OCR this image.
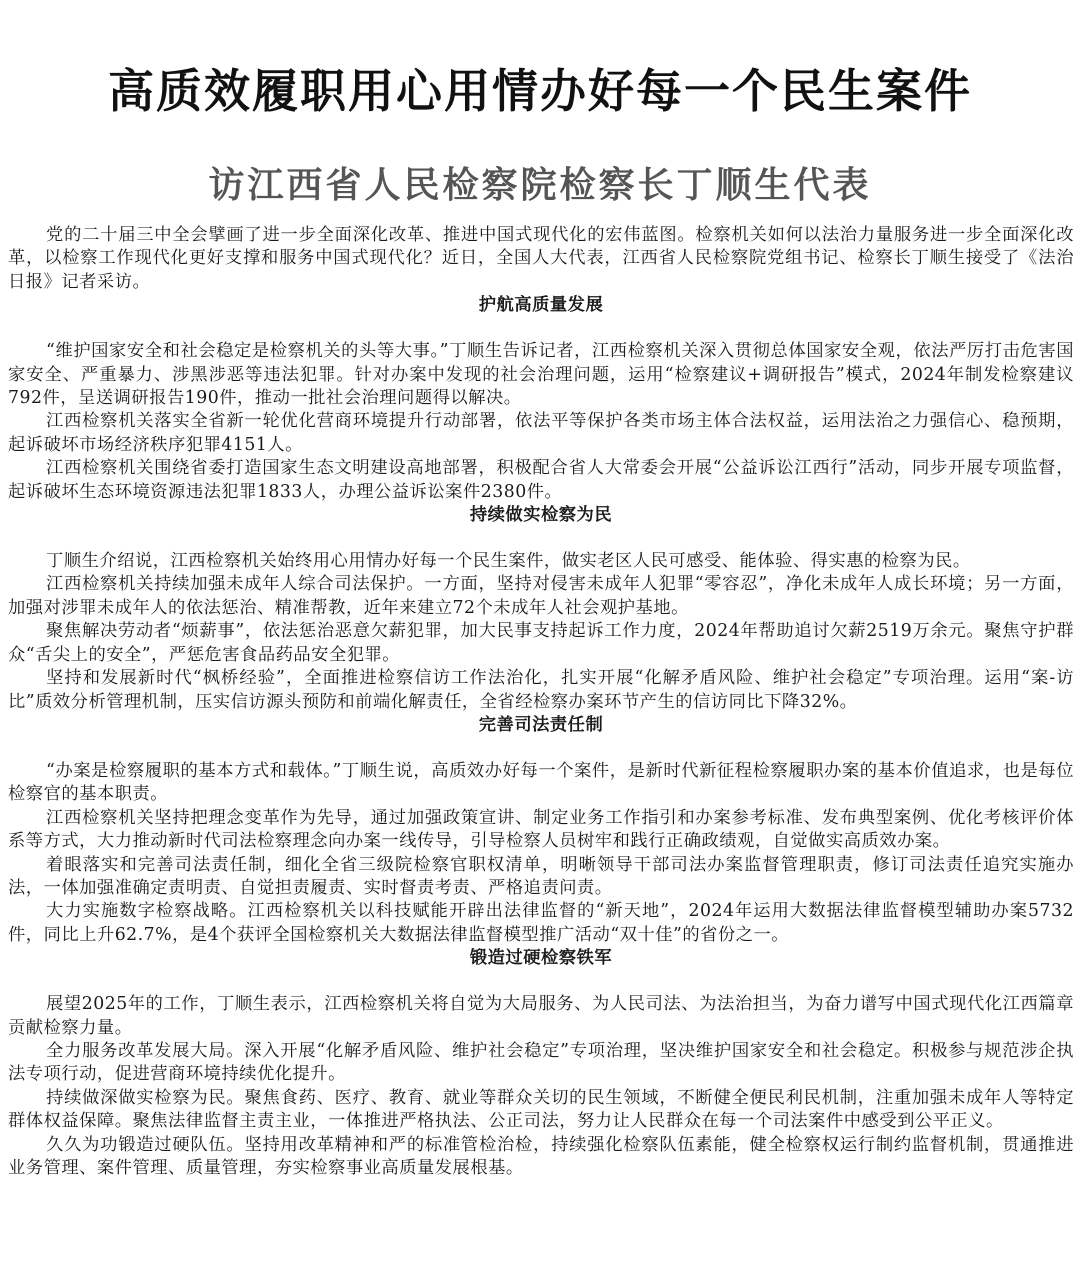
高质效履职用心用情办好每一个民生案件
访江西省人民检察院检察长丁顺生代表

党的二十届三中全会擘画了进一步全面深化改革、推进中国式现代化的宏伟蓝图。检察机关如何以法治力量服务进一步全面深化改革，以检察工作现代化更好支撑和服务中国式现代化？近日，全国人大代表，江西省人民检察院党组书记、检察长丁顺生接受了《法治日报》记者采访。

护航高质量发展

“维护国家安全和社会稳定是检察机关的头等大事。”丁顺生告诉记者，江西检察机关深入贯彻总体国家安全观，依法严厉打击危害国家安全、严重暴力、涉黑涉恶等违法犯罪。针对办案中发现的社会治理问题，运用“检察建议+调研报告”模式，2024年制发检察建议792件，呈送调研报告190件，推动一批社会治理问题得以解决。

江西检察机关落实全省新一轮优化营商环境提升行动部署，依法平等保护各类市场主体合法权益，运用法治之力强信心、稳预期，起诉破坏市场经济秩序犯罪4151人。

江西检察机关围绕省委打造国家生态文明建设高地部署，积极配合省人大常委会开展“公益诉讼江西行”活动，同步开展专项监督，起诉破坏生态环境资源违法犯罪1833人，办理公益诉讼案件2380件。

持续做实检察为民

丁顺生介绍说，江西检察机关始终用心用情办好每一个民生案件，做实老区人民可感受、能体验、得实惠的检察为民。

江西检察机关持续加强未成年人综合司法保护。一方面，坚持对侵害未成年人犯罪“零容忍”，净化未成年人成长环境；另一方面，加强对涉罪未成年人的依法惩治、精准帮教，近年来建立72个未成年人社会观护基地。

聚焦解决劳动者“烦薪事”，依法惩治恶意欠薪犯罪，加大民事支持起诉工作力度，2024年帮助追讨欠薪2519万余元。聚焦守护群众“舌尖上的安全”，严惩危害食品药品安全犯罪。

坚持和发展新时代“枫桥经验”，全面推进检察信访工作法治化，扎实开展“化解矛盾风险、维护社会稳定”专项治理。运用“案-访比”质效分析管理机制，压实信访源头预防和前端化解责任，全省经检察办案环节产生的信访同比下降32%。

完善司法责任制

“办案是检察履职的基本方式和载体。”丁顺生说，高质效办好每一个案件，是新时代新征程检察履职办案的基本价值追求，也是每位检察官的基本职责。

江西检察机关坚持把理念变革作为先导，通过加强政策宣讲、制定业务工作指引和办案参考标准、发布典型案例、优化考核评价体系等方式，大力推动新时代司法检察理念向办案一线传导，引导检察人员树牢和践行正确政绩观，自觉做实高质效办案。

着眼落实和完善司法责任制，细化全省三级院检察官职权清单，明晰领导干部司法办案监督管理职责，修订司法责任追究实施办法，一体加强准确定责明责、自觉担责履责、实时督责考责、严格追责问责。

大力实施数字检察战略。江西检察机关以科技赋能开辟出法律监督的“新天地”，2024年运用大数据法律监督模型辅助办案5732件，同比上升62.7%，是4个获评全国检察机关大数据法律监督模型推广活动“双十佳”的省份之一。

锻造过硬检察铁军

展望2025年的工作，丁顺生表示，江西检察机关将自觉为大局服务、为人民司法、为法治担当，为奋力谱写中国式现代化江西篇章贡献检察力量。

全力服务改革发展大局。深入开展“化解矛盾风险、维护社会稳定”专项治理，坚决维护国家安全和社会稳定。积极参与规范涉企执法专项行动，促进营商环境持续优化提升。

持续做深做实检察为民。聚焦食药、医疗、教育、就业等群众关切的民生领域，不断健全便民利民机制，注重加强未成年人等特定群体权益保障。聚焦法律监督主责主业，一体推进严格执法、公正司法，努力让人民群众在每一个司法案件中感受到公平正义。

久久为功锻造过硬队伍。坚持用改革精神和严的标准管检治检，持续强化检察队伍素能，健全检察权运行制约监督机制，贯通推进业务管理、案件管理、质量管理，夯实检察事业高质量发展根基。
